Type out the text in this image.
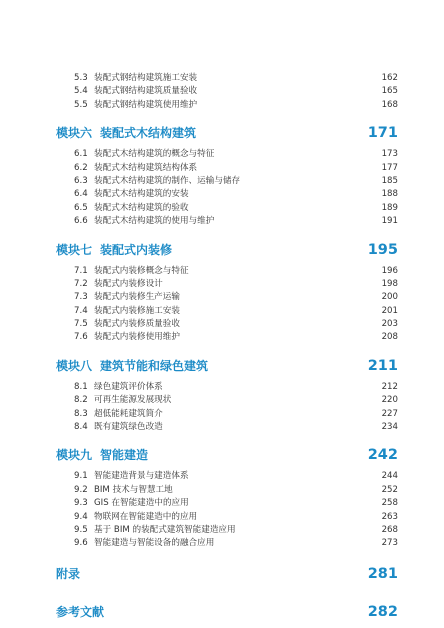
5.3 装配式钢结构建筑施工安装	162
5.4 装配式钢结构建筑质量验收	165
5.5 装配式钢结构建筑使用维护	168
模块六 装配式木结构建筑	171
6.1 装配式木结构建筑的概念与特征	173
6.2 装配式木结构建筑结构体系	177
6.3 装配式木结构建筑的制作、运输与储存	185
6.4 装配式木结构建筑的安装	188
6.5 装配式木结构建筑的验收	189
6.6 装配式木结构建筑的使用与维护	191
模块七 装配式内装修	195
7.1 装配式内装修概念与特征	196
7.2 装配式内装修设计	198
7.3 装配式内装修生产运输	200
7.4 装配式内装修施工安装	201
7.5 装配式内装修质量验收	203
7.6 装配式内装修使用维护	208
模块八 建筑节能和绿色建筑	211
8.1 绿色建筑评价体系	212
8.2 可再生能源发展现状	220
8.3 超低能耗建筑简介	227
8.4 既有建筑绿色改造	234
模块九 智能建造	242
9.1 智能建造背景与建造体系	244
9.2 BIM 技术与智慧工地	252
9.3 GIS 在智能建造中的应用	258
9.4 物联网在智能建造中的应用	263
9.5 基于 BIM 的装配式建筑智能建造应用	268
9.6 智能建造与智能设备的融合应用	273
附录	281
参考文献	282
